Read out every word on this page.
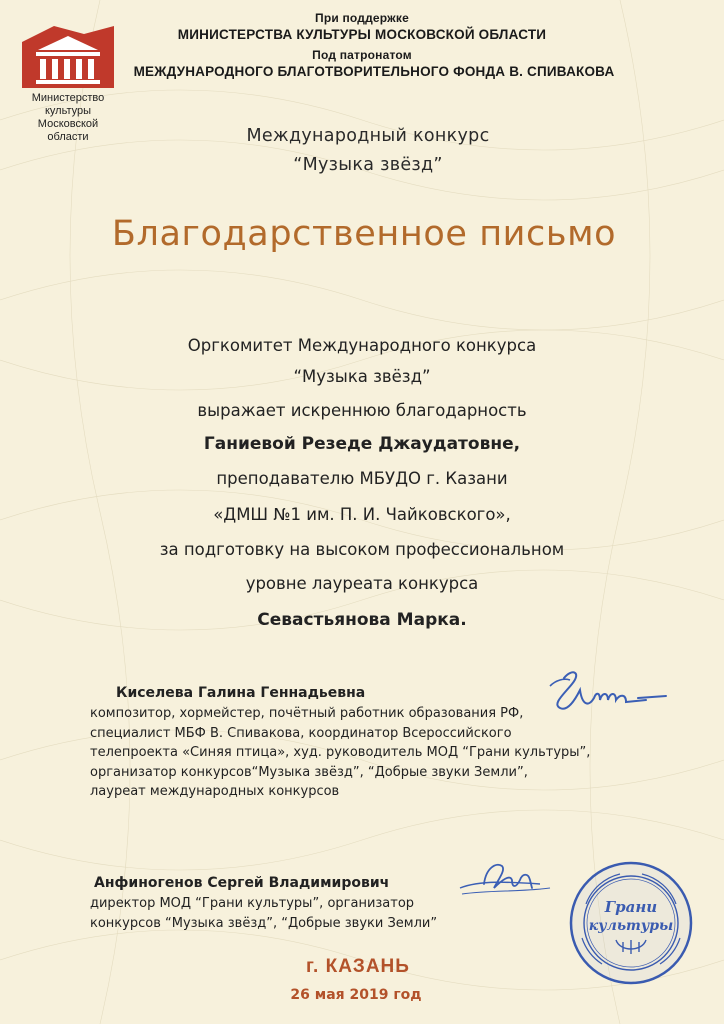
При поддержке
МИНИСТЕРСТВА КУЛЬТУРЫ МОСКОВСКОЙ ОБЛАСТИ
Под патронатом
МЕЖДУНАРОДНОГО БЛАГОТВОРИТЕЛЬНОГО ФОНДА В. СПИВАКОВА
Министерство
культуры
Московской
области	Международный конкурс
“Музыка звёзд”
Благодарственное письмо
Оргкомитет Международного конкурса
“Музыка звёзд”
выражает искреннюю благодарность
Ганиевой Резеде Джаудатовне,
преподавателю МБУДО г. Казани
«ДМШ №1 им. П. И. Чайковского»,
за подготовку на высоком профессиональном
уровне лауреата конкурса
Севастьянова Марка.
Киселева Галина Геннадьевна
композитор, хормейстер, почётный работник образования РФ,
специалист МБФ В. Спивакова, координатор Всероссийского
телепроекта «Синяя птица», худ. руководитель МОД “Грани культуры”,
организатор конкурсов“Музыка звёзд”, “Добрые звуки Земли”,
лауреат международных конкурсов
Анфиногенов Сергей Владимирович
директор МОД “Грани культуры”, организатор
конкурсов “Музыка звёзд”, “Добрые звуки Земли”
Грани
культуры
г. КАЗАНЬ
26 мая 2019 год
